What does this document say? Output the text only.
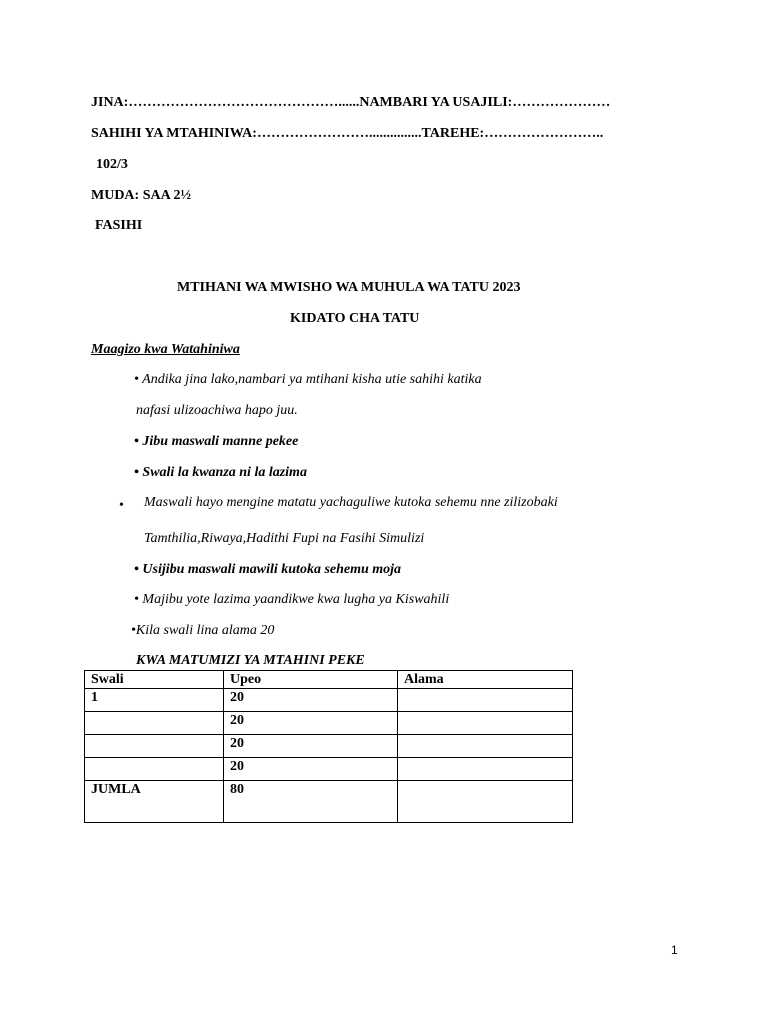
JINA:………………………………………......NAMBARI YA USAJILI:…………………
SAHIHI YA MTAHINIWA:……………………...............TAREHE:……………………..
102/3
MUDA: SAA 2½
FASIHI
MTIHANI WA MWISHO WA MUHULA WA TATU 2023
KIDATO CHA TATU
Maagizo kwa Watahiniwa
• Andika jina lako,nambari ya mtihani kisha utie sahihi katika
nafasi ulizoachiwa hapo juu.
• Jibu maswali manne pekee
• Swali la kwanza ni la lazima
• Maswali hayo mengine matatu yachaguliwe kutoka sehemu nne zilizobaki
Tamthilia,Riwaya,Hadithi Fupi na Fasihi Simulizi
• Usijibu maswali mawili kutoka sehemu moja
• Majibu yote lazima yaandikwe kwa lugha ya Kiswahili
•Kila swali lina alama 20
KWA MATUMIZI YA MTAHINI PEKE
Swali	Upeo	Alama
1	20	
	20	
	20	
	20	
JUMLA	80	
1
